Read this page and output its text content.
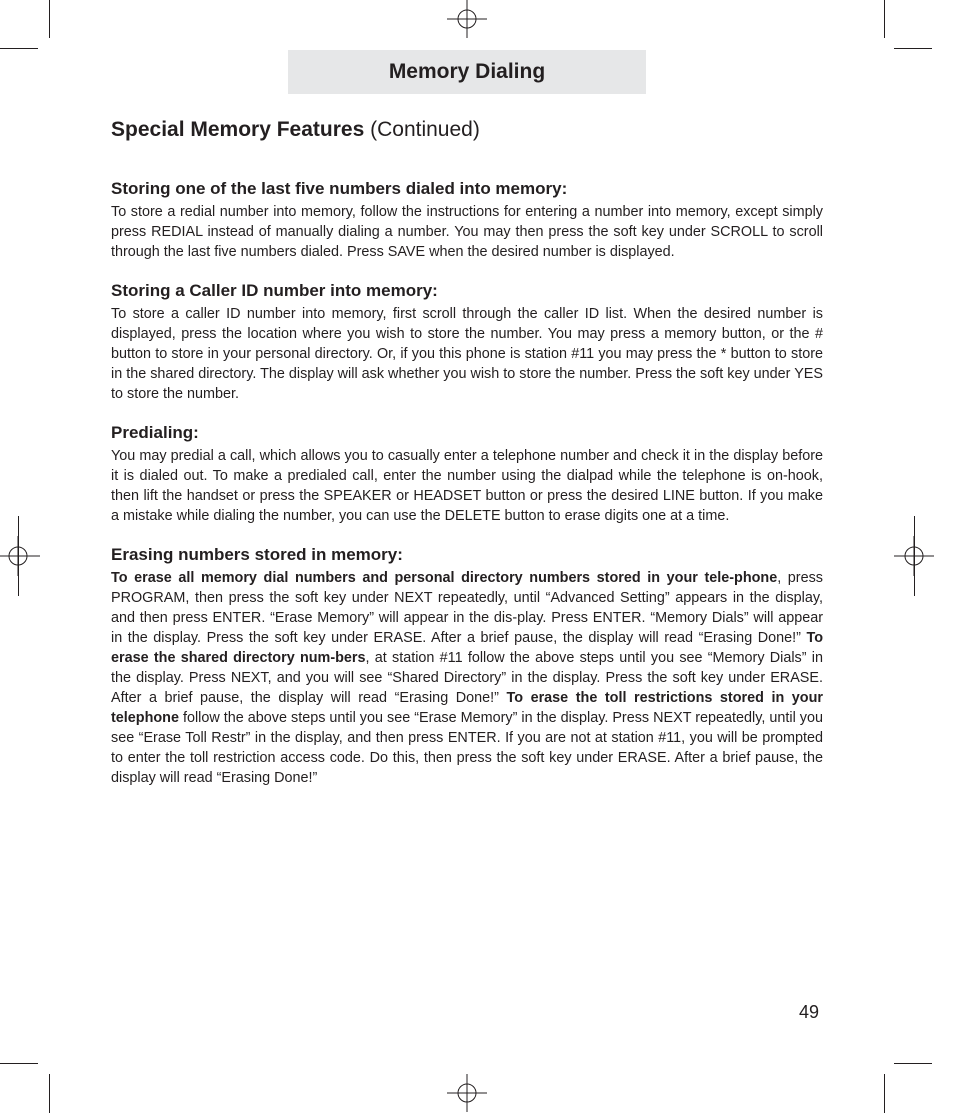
Memory Dialing
Special Memory Features (Continued)
Storing one of the last five numbers dialed into memory:

To store a redial number into memory, follow the instructions for entering a number into memory, except simply press REDIAL instead of manually dialing a number. You may then press the soft key under SCROLL to scroll through the last five numbers dialed. Press SAVE when the desired number is displayed.

Storing a Caller ID number into memory:

To store a caller ID number into memory, first scroll through the caller ID list. When the desired number is displayed, press the location where you wish to store the number. You may press a memory button, or the # button to store in your personal directory. Or, if you this phone is station #11 you may press the * button to store in the shared directory. The display will ask whether you wish to store the number. Press the soft key under YES to store the number.

Predialing:

You may predial a call, which allows you to casually enter a telephone number and check it in the display before it is dialed out. To make a predialed call, enter the number using the dialpad while the telephone is on-hook, then lift the handset or press the SPEAKER or HEADSET button or press the desired LINE button. If you make a mistake while dialing the number, you can use the DELETE button to erase digits one at a time.

Erasing numbers stored in memory:

To erase all memory dial numbers and personal directory numbers stored in your tele-phone, press PROGRAM, then press the soft key under NEXT repeatedly, until “Advanced Setting” appears in the display, and then press ENTER. “Erase Memory” will appear in the dis-play. Press ENTER. “Memory Dials” will appear in the display. Press the soft key under ERASE. After a brief pause, the display will read “Erasing Done!” To erase the shared directory num-bers, at station #11 follow the above steps until you see “Memory Dials” in the display. Press NEXT, and you will see “Shared Directory” in the display. Press the soft key under ERASE. After a brief pause, the display will read “Erasing Done!” To erase the toll restrictions stored in your telephone follow the above steps until you see “Erase Memory” in the display. Press NEXT repeatedly, until you see “Erase Toll Restr” in the display, and then press ENTER. If you are not at station #11, you will be prompted to enter the toll restriction access code. Do this, then press the soft key under ERASE. After a brief pause, the display will read “Erasing Done!”

49
